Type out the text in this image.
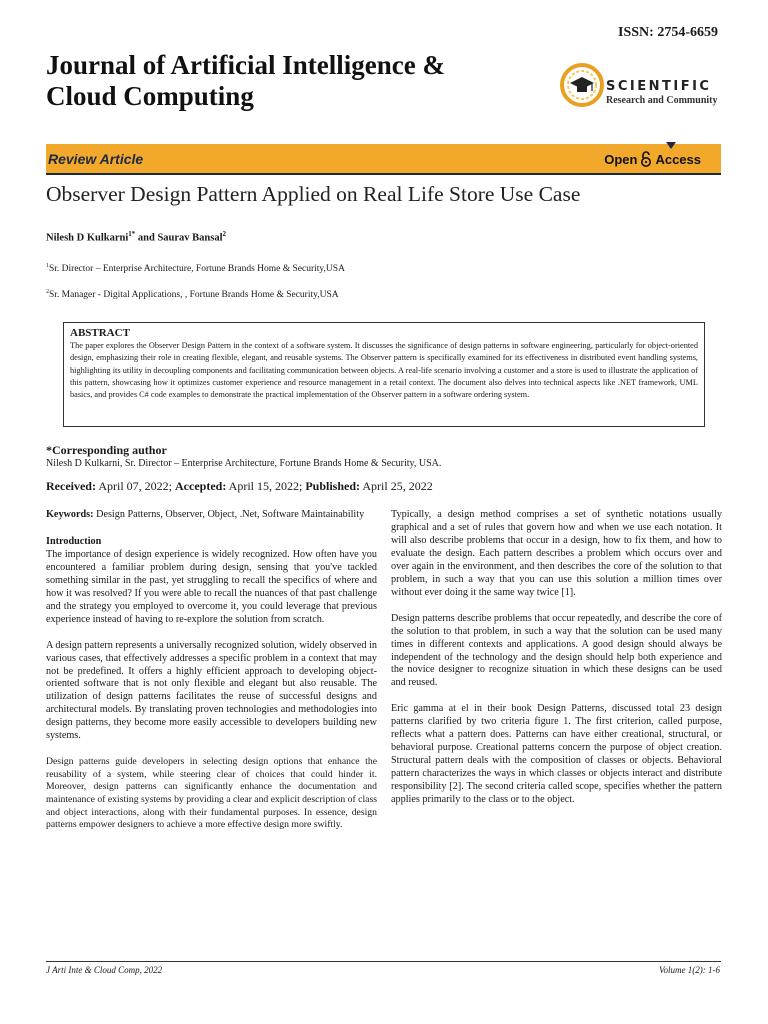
ISSN: 2754-6659
Journal of Artificial Intelligence &
Cloud Computing	SCIENTIFIC
Research and Community
Review Article	Open Access
Observer Design Pattern Applied on Real Life Store Use Case
Nilesh D Kulkarni$^{1*}$ and Saurav Bansal$^2$
$^1$Sr. Director – Enterprise Architecture, Fortune Brands Home & Security,USA
$^2$Sr. Manager - Digital Applications, , Fortune Brands Home & Security,USA
ABSTRACT
The paper explores the Observer Design Pattern in the context of a software system. It discusses the significance of design patterns in software engineering, particularly for object-oriented design, emphasizing their role in creating flexible, elegant, and reusable systems. The Observer pattern is specifically examined for its effectiveness in distributed event handling systems, highlighting its utility in decoupling components and facilitating communication between objects. A real-life scenario involving a customer and a store is used to illustrate the application of this pattern, showcasing how it optimizes customer experience and resource management in a retail context. The document also delves into technical aspects like .NET framework, UML basics, and provides C# code examples to demonstrate the practical implementation of the Observer pattern in a software ordering system.
*Corresponding author
Nilesh D Kulkarni, Sr. Director – Enterprise Architecture, Fortune Brands Home & Security, USA.
Received: April 07, 2022; Accepted: April 15, 2022; Published: April 25, 2022

Keywords: Design Patterns, Observer, Object, .Net, Software Maintainability

Introduction

The importance of design experience is widely recognized. How often have you encountered a familiar problem during design, sensing that you've tackled something similar in the past, yet struggling to recall the specifics of where and how it was resolved? If you were able to recall the nuances of that past challenge and the strategy you employed to overcome it, you could leverage that previous experience instead of having to re-explore the solution from scratch.

A design pattern represents a universally recognized solution, widely observed in various cases, that effectively addresses a specific problem in a context that may not be predefined. It offers a highly efficient approach to developing object-oriented software that is not only flexible and elegant but also reusable. The utilization of design patterns facilitates the reuse of successful designs and architectural models. By translating proven technologies and methodologies into design patterns, they become more easily accessible to developers building new systems.

Design patterns guide developers in selecting design options that enhance the reusability of a system, while steering clear of choices that could hinder it. Moreover, design patterns can significantly enhance the documentation and maintenance of existing systems by providing a clear and explicit description of class and object interactions, along with their fundamental purposes. In essence, design patterns empower designers to achieve a more effective design more swiftly.

Typically, a design method comprises a set of synthetic notations usually graphical and a set of rules that govern how and when we use each notation. It will also describe problems that occur in a design, how to fix them, and how to evaluate the design. Each pattern describes a problem which occurs over and over again in the environment, and then describes the core of the solution to that problem, in such a way that you can use this solution a million times over without ever doing it the same way twice [1].

Design patterns describe problems that occur repeatedly, and describe the core of the solution to that problem, in such a way that the solution can be used many times in different contexts and applications. A good design should always be independent of the technology and the design should help both experience and the novice designer to recognize situation in which these designs can be used and reused.

Eric gamma at el in their book Design Patterns, discussed total 23 design patterns clarified by two criteria figure 1. The first criterion, called purpose, reflects what a pattern does. Patterns can have either creational, structural, or behavioral purpose. Creational patterns concern the purpose of object creation. Structural pattern deals with the composition of classes or objects. Behavioral pattern characterizes the ways in which classes or objects interact and distribute responsibility [2]. The second criteria called scope, specifies whether the pattern applies primarily to the class or to the object.

J Arti Inte & Cloud Comp, 2022	Volume 1(2): 1-6
